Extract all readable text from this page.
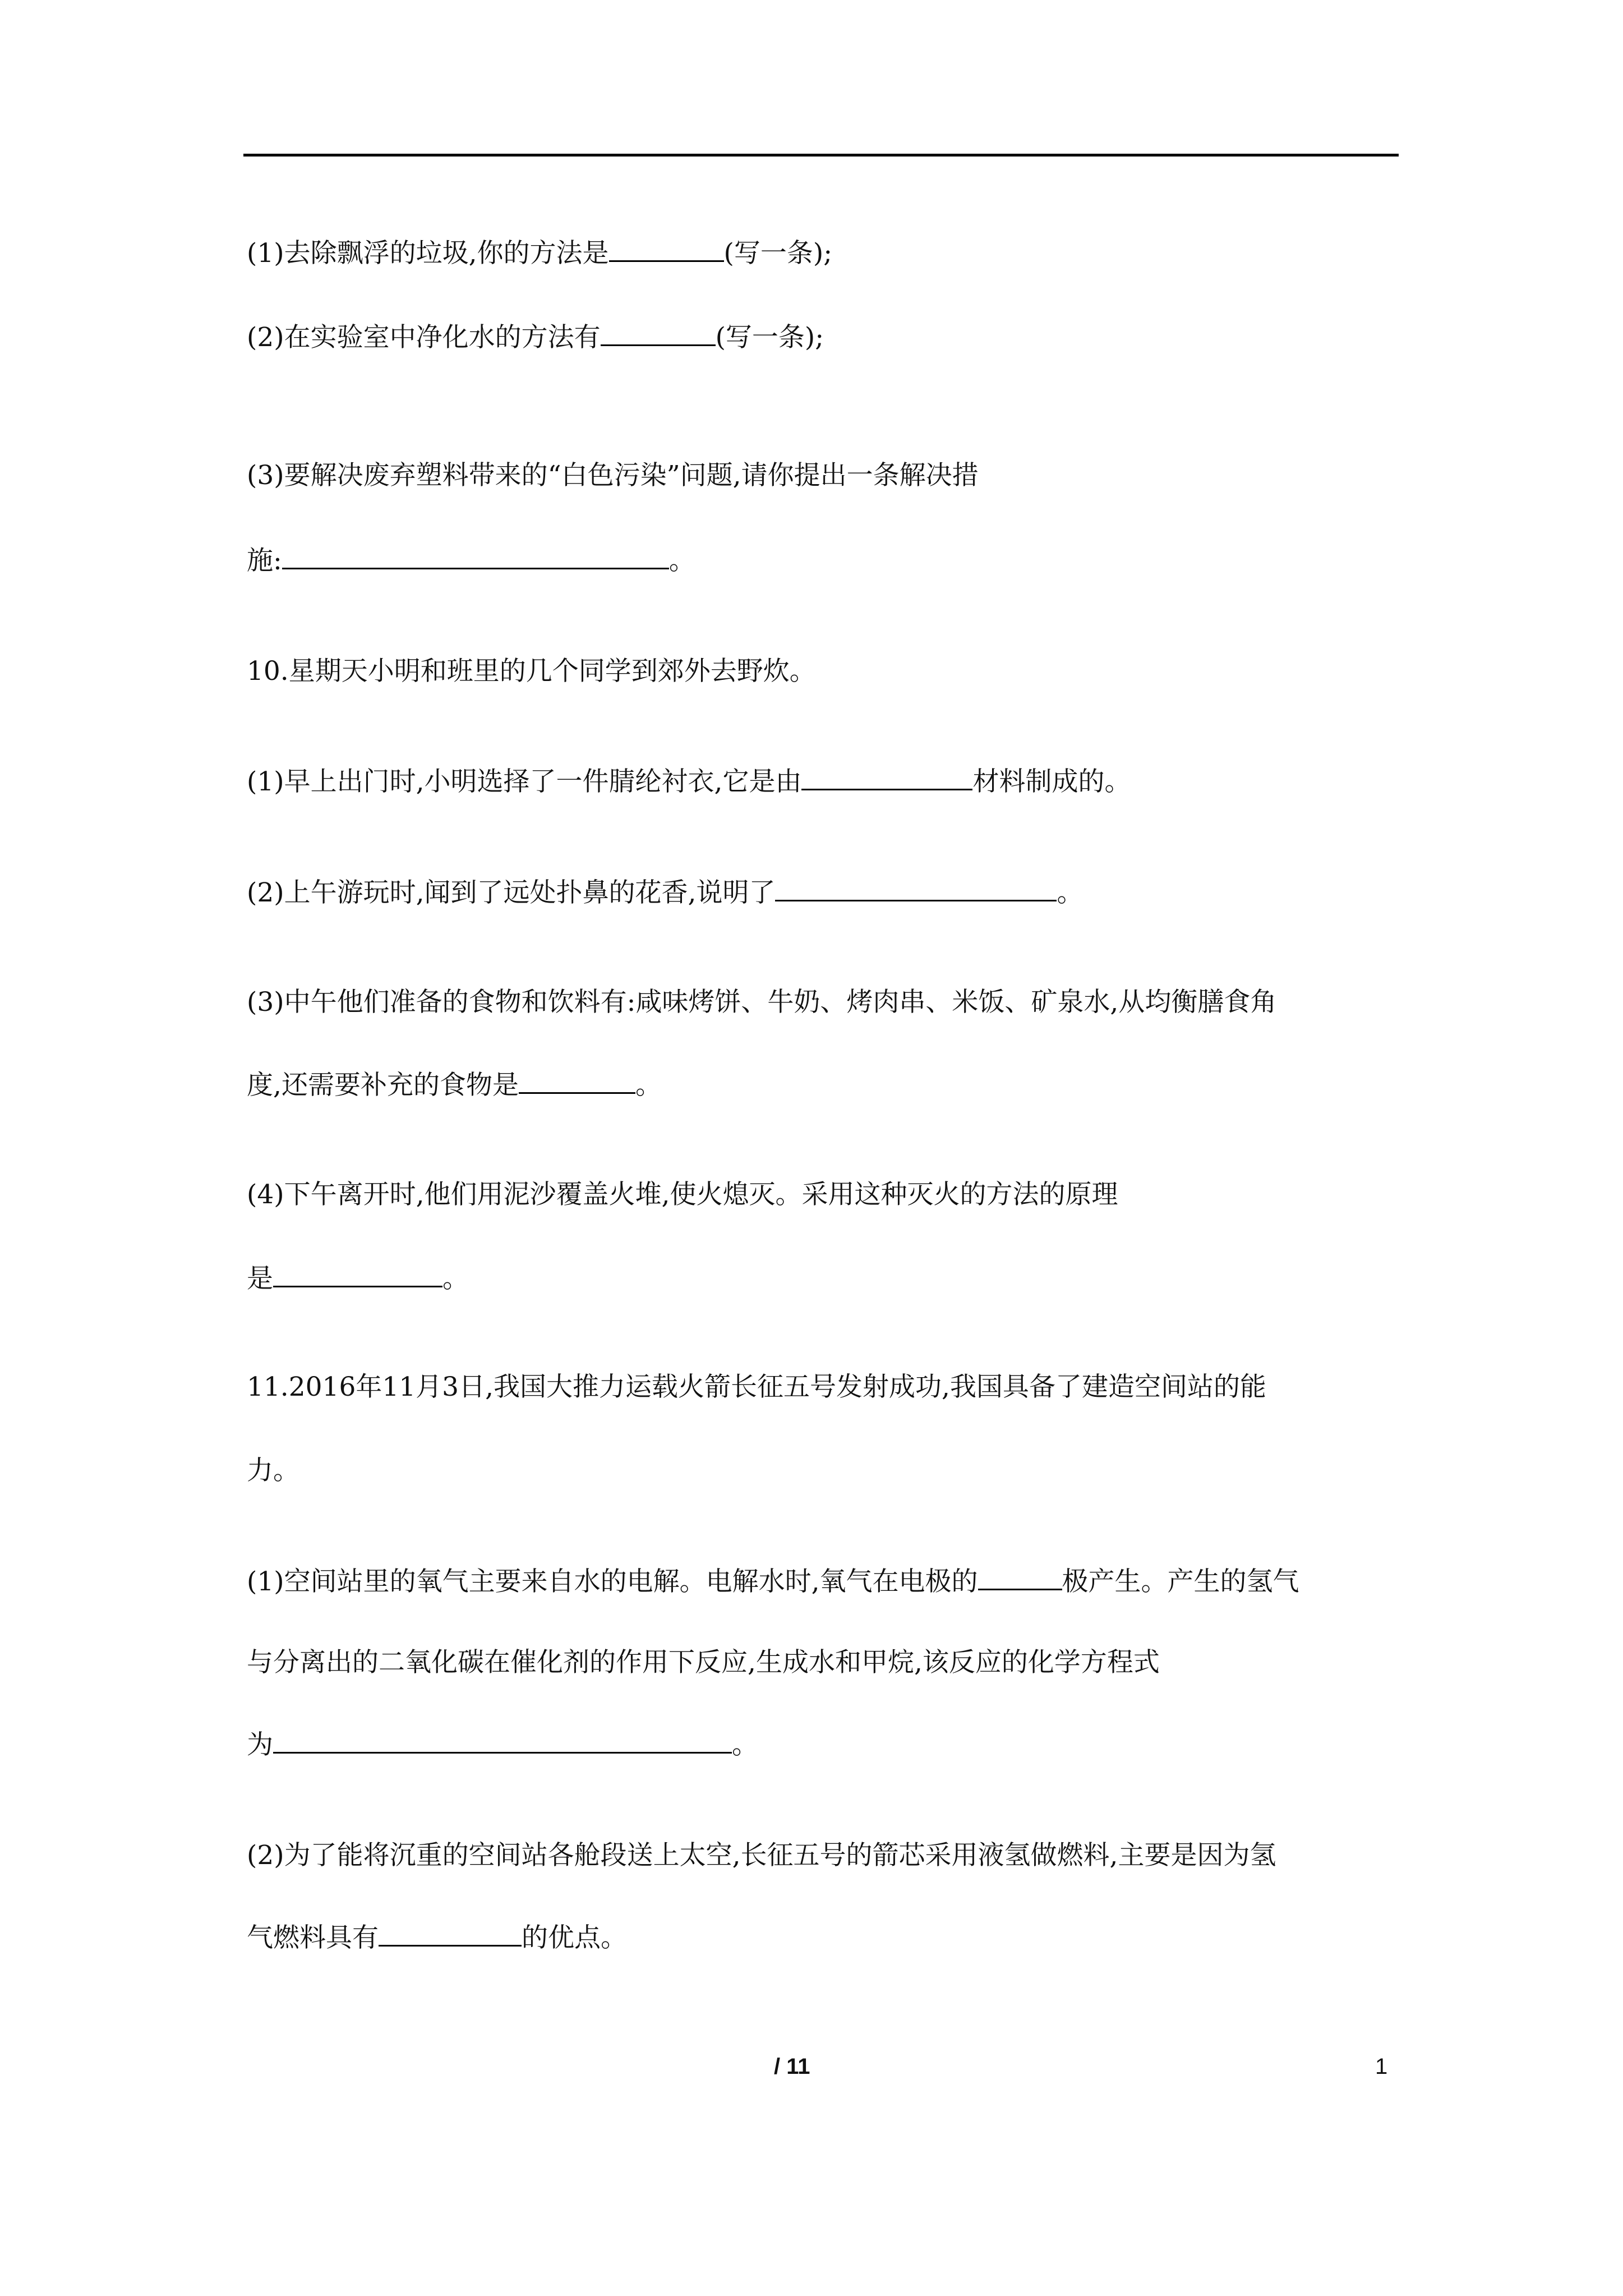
(1)去除飘浮的垃圾,你的方法是	(写一条);
(2)在实验室中净化水的方法有	(写一条);
(3)要解决废弃塑料带来的“白色污染”问题,请你提出一条解决措
施:	。
10.星期天小明和班里的几个同学到郊外去野炊。
(1)早上出门时,小明选择了一件腈纶衬衣,它是由	材料制成的。
(2)上午游玩时,闻到了远处扑鼻的花香,说明了	。
(3)中午他们准备的食物和饮料有:咸味烤饼、牛奶、烤肉串、米饭、矿泉水,从均衡膳食角
度,还需要补充的食物是	。
(4)下午离开时,他们用泥沙覆盖火堆,使火熄灭。采用这种灭火的方法的原理
是	。
11.2016年11月3日,我国大推力运载火箭长征五号发射成功,我国具备了建造空间站的能
力。
(1)空间站里的氧气主要来自水的电解。电解水时,氧气在电极的	极产生。产生的氢气
与分离出的二氧化碳在催化剂的作用下反应,生成水和甲烷,该反应的化学方程式
为	。
(2)为了能将沉重的空间站各舱段送上太空,长征五号的箭芯采用液氢做燃料,主要是因为氢
气燃料具有	的优点。
/ 11	1
